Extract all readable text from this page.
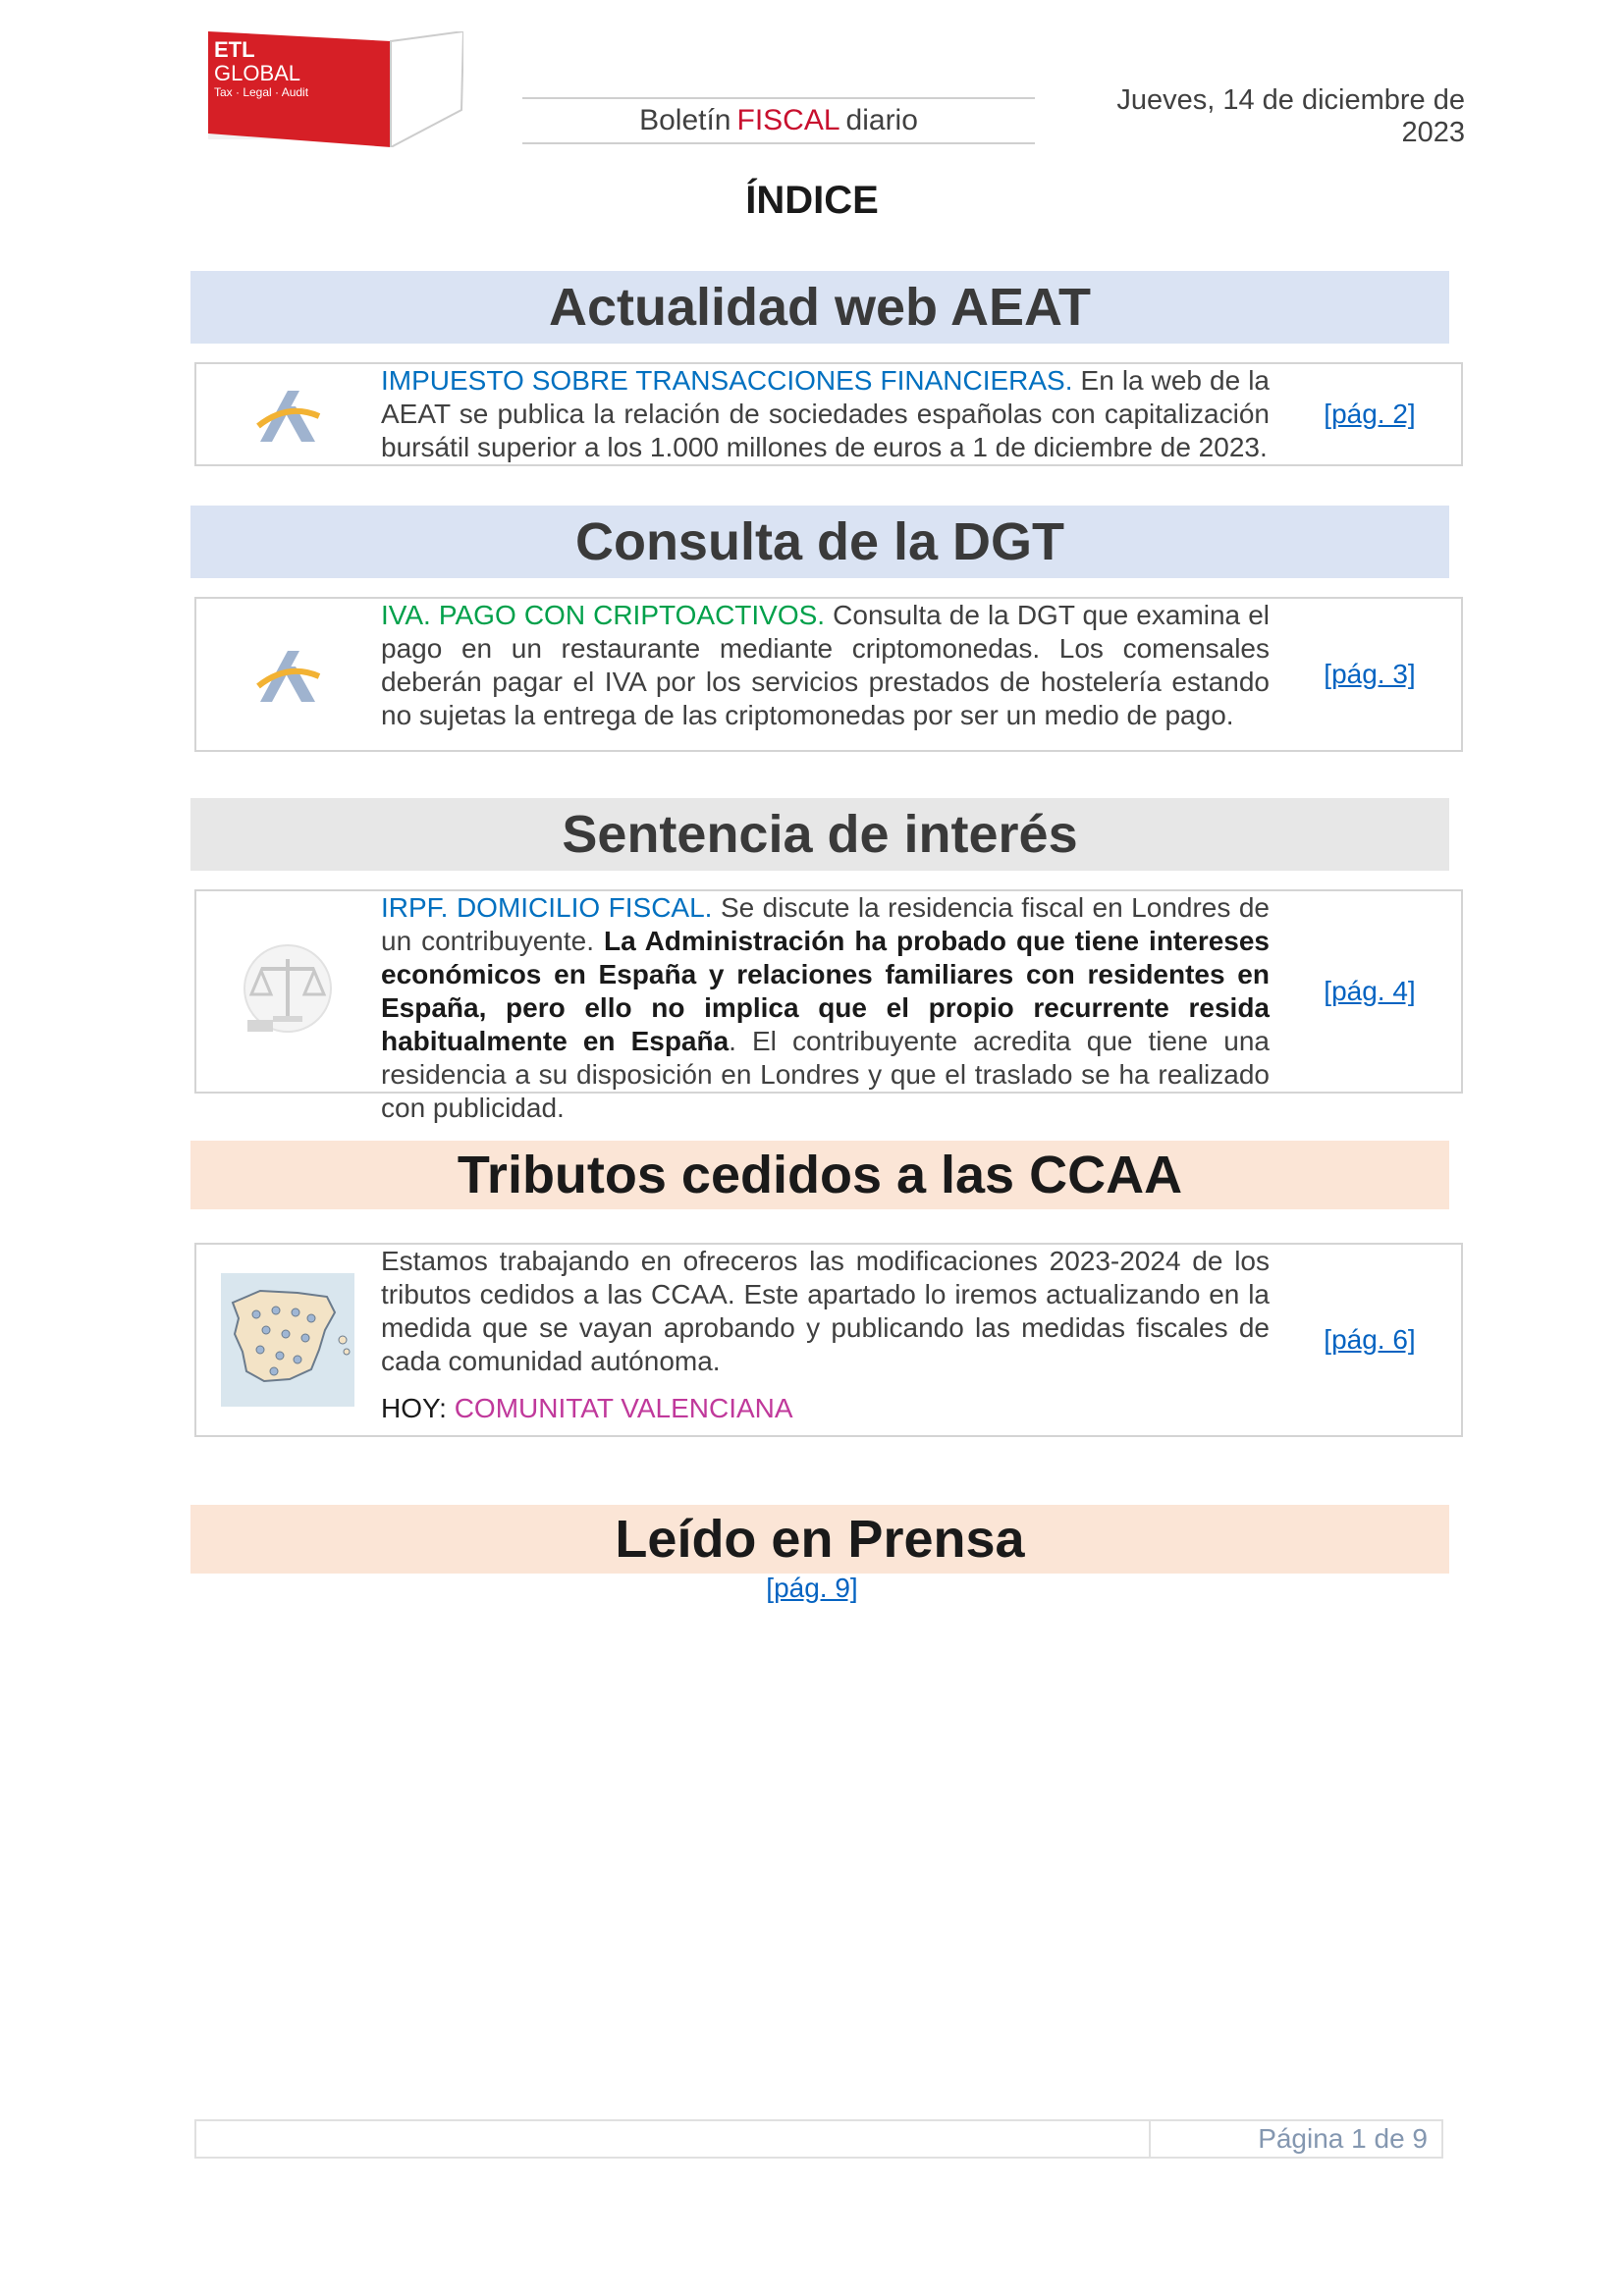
ETL
GLOBAL
Tax · Legal · Audit
Boletín FISCAL diario
Jueves, 14 de diciembre de 2023
ÍNDICE
Actualidad web AEAT
IMPUESTO SOBRE TRANSACCIONES FINANCIERAS. En la web de la AEAT se publica la relación de sociedades españolas con capitalización bursátil superior a los 1.000 millones de euros a 1 de diciembre de 2023.
[pág. 2]
Consulta de la DGT
IVA. PAGO CON CRIPTOACTIVOS. Consulta de la DGT que examina el pago en un restaurante mediante criptomonedas. Los comensales deberán pagar el IVA por los servicios prestados de hostelería estando no sujetas la entrega de las criptomonedas por ser un medio de pago.
[pág. 3]
Sentencia de interés
IRPF. DOMICILIO FISCAL. Se discute la residencia fiscal en Londres de un contribuyente. La Administración ha probado que tiene intereses económicos en España y relaciones familiares con residentes en España, pero ello no implica que el propio recurrente resida habitualmente en España. El contribuyente acredita que tiene una residencia a su disposición en Londres y que el traslado se ha realizado con publicidad.
[pág. 4]
Tributos cedidos a las CCAA
Estamos trabajando en ofreceros las modificaciones 2023-2024 de los tributos cedidos a las CCAA. Este apartado lo iremos actualizando en la medida que se vayan aprobando y publicando las medidas fiscales de cada comunidad autónoma.
HOY: COMUNITAT VALENCIANA
[pág. 6]
Leído en Prensa
[pág. 9]
Página 1 de 9
